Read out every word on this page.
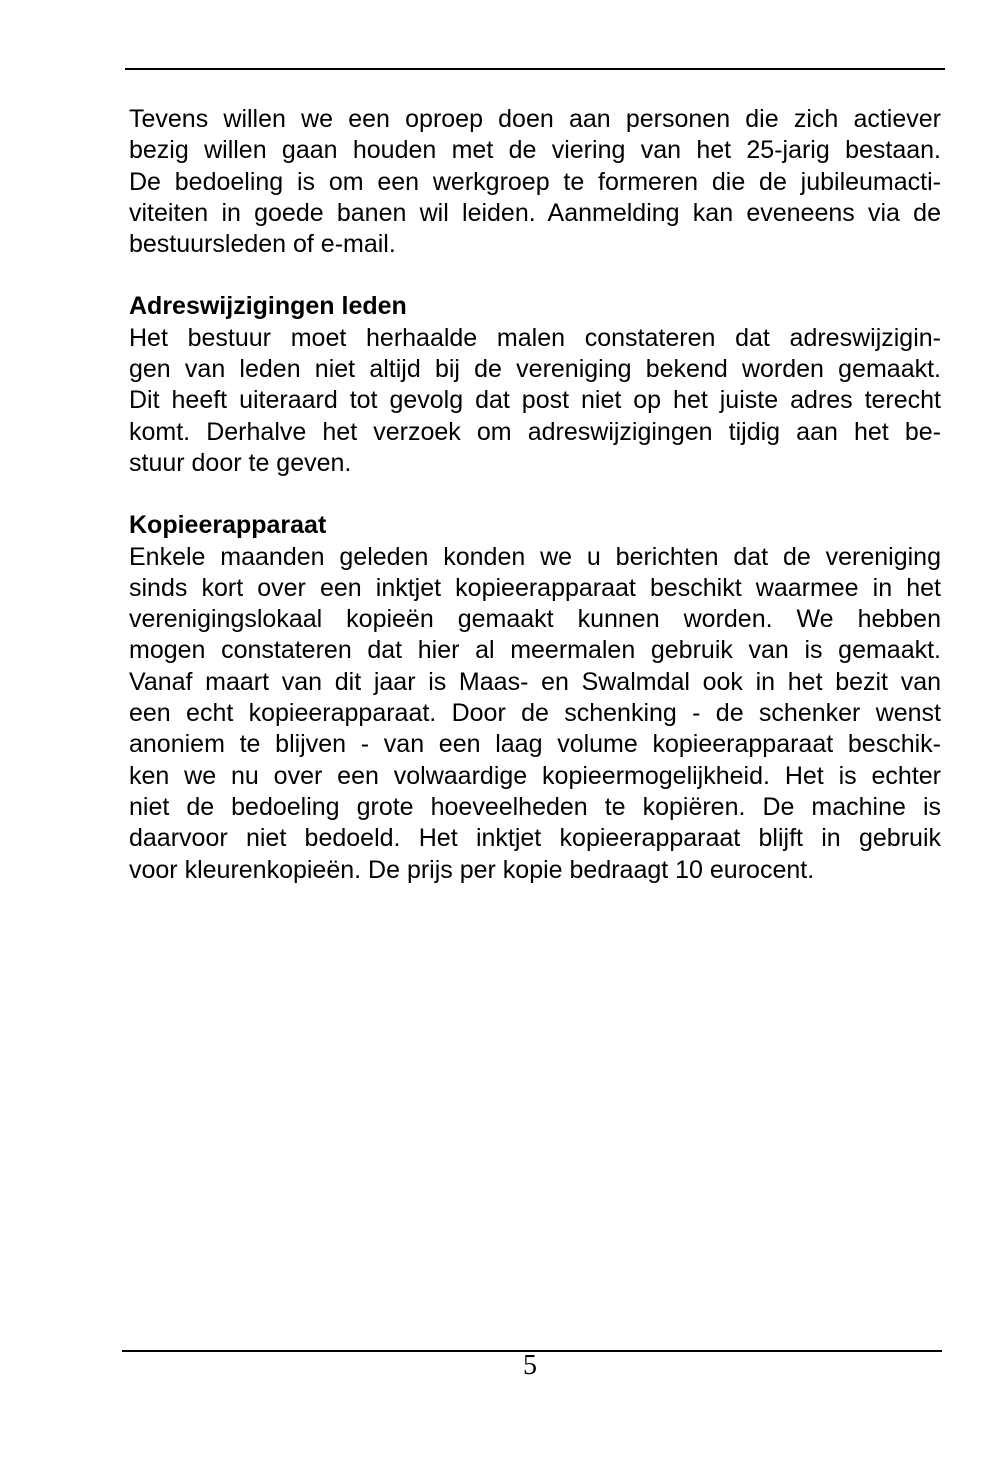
Tevens willen we een oproep doen aan personen die zich actiever
bezig willen gaan houden met de viering van het 25-jarig bestaan.
De bedoeling is om een werkgroep te formeren die de jubileumacti-
viteiten in goede banen wil leiden. Aanmelding kan eveneens via de
bestuursleden of e-mail.

Adreswijzigingen leden
Het bestuur moet herhaalde malen constateren dat adreswijzigin-
gen van leden niet altijd bij de vereniging bekend worden gemaakt.
Dit heeft uiteraard tot gevolg dat post niet op het juiste adres terecht
komt. Derhalve het verzoek om adreswijzigingen tijdig aan het be-
stuur door te geven.

Kopieerapparaat
Enkele maanden geleden konden we u berichten dat de vereniging
sinds kort over een inktjet kopieerapparaat beschikt waarmee in het
verenigingslokaal kopieën gemaakt kunnen worden. We hebben
mogen constateren dat hier al meermalen gebruik van is gemaakt.
Vanaf maart van dit jaar is Maas- en Swalmdal ook in het bezit van
een echt kopieerapparaat. Door de schenking - de schenker wenst
anoniem te blijven - van een laag volume kopieerapparaat beschik-
ken we nu over een volwaardige kopieermogelijkheid. Het is echter
niet de bedoeling grote hoeveelheden te kopiëren. De machine is
daarvoor niet bedoeld. Het inktjet kopieerapparaat blijft in gebruik
voor kleurenkopieën. De prijs per kopie bedraagt 10 eurocent.

5
